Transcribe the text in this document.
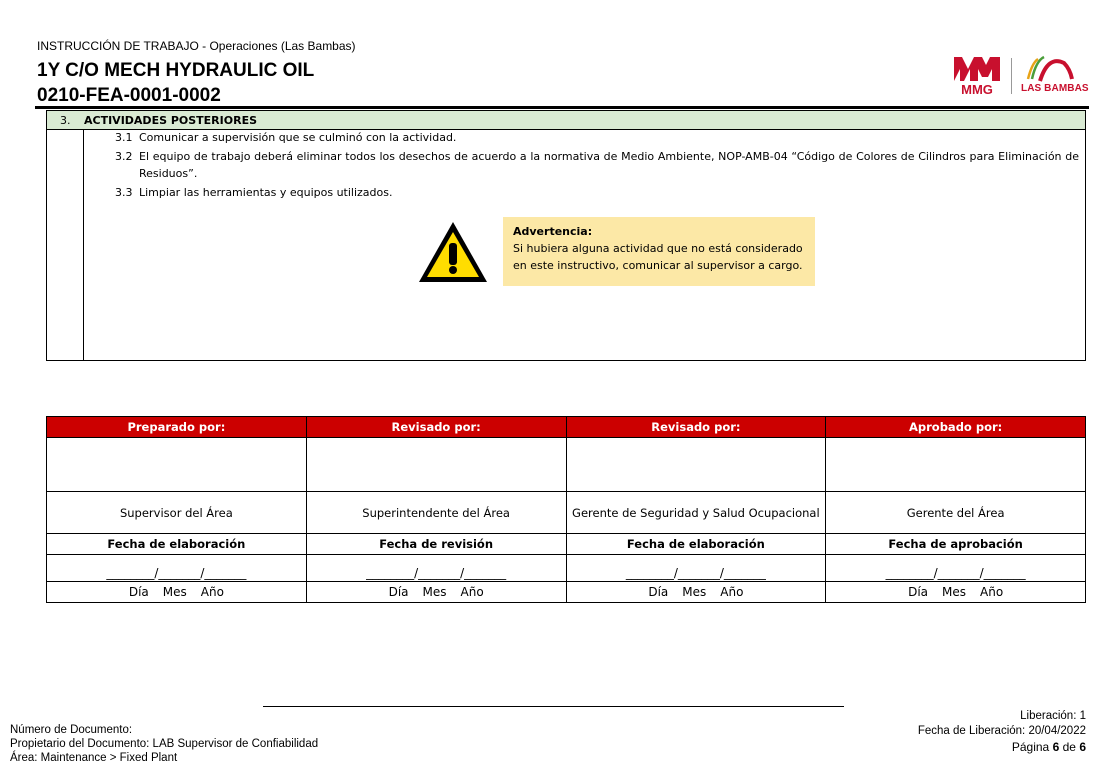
INSTRUCCIÓN DE TRABAJO - Operaciones (Las Bambas)
1Y C/O MECH HYDRAULIC OIL
0210-FEA-0001-0002	MMG	LAS BAMBAS
3. ACTIVIDADES POSTERIORES
3.1 Comunicar a supervisión que se culminó con la actividad.
3.2 El equipo de trabajo deberá eliminar todos los desechos de acuerdo a la normativa de Medio Ambiente, NOP-AMB-04 “Código de Colores de Cilindros para Eliminación de Residuos”.
3.3 Limpiar las herramientas y equipos utilizados.
Advertencia:
Si hubiera alguna actividad que no está considerado
en este instructivo, comunicar al supervisor a cargo.
Preparado por:	Revisado por:	Revisado por:	Aprobado por:

Supervisor del Área	Superintendente del Área	Gerente de Seguridad y Salud Ocupacional	Gerente del Área
Fecha de elaboración	Fecha de revisión	Fecha de elaboración	Fecha de aprobación
________/_______/_______	________/_______/_______	________/_______/_______	________/_______/_______
Día Mes Año	Día Mes Año	Día Mes Año	Día Mes Año
Número de Documento:
Propietario del Documento: LAB Supervisor de Confiabilidad
Área: Maintenance > Fixed Plant
Liberación: 1
Fecha de Liberación: 20/04/2022
Página 6 de 6
